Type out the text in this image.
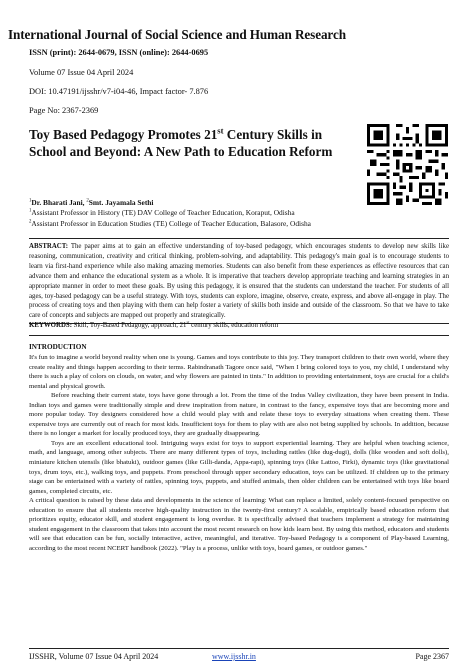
International Journal of Social Science and Human Research
ISSN (print): 2644-0679, ISSN (online): 2644-0695
Volume 07 Issue 04 April 2024
DOI: 10.47191/ijsshr/v7-i04-46, Impact factor- 7.876
Page No: 2367-2369
Toy Based Pedagogy Promotes 21st Century Skills in School and Beyond: A New Path to Education Reform
$^1$Dr. Bharati Jani, $^2$Smt. Jayamala Sethi
$^1$Assistant Professor in History (TE) DAV College of Teacher Education, Koraput, Odisha
$^2$Assistant Professor in Education Studies (TE) College of Teacher Education, Balasore, Odisha
ABSTRACT: The paper aims at to gain an effective understanding of toy-based pedagogy, which encourages students to develop new skills like reasoning, communication, creativity and critical thinking, problem-solving, and adaptability. This pedagogy's main goal is to encourage students to learn via first-hand experience while also making amazing memories. Students can also benefit from these experiences as effective resources that can advance them and enhance the educational system as a whole. It is imperative that teachers develop appropriate teaching and learning strategies in an appropriate manner in order to meet these goals. By using this pedagogy, it is ensured that the students can understand the teacher. For students of all ages, toy-based pedagogy can be a useful strategy. With toys, students can explore, imagine, observe, create, express, and above all-engage in play. The process of creating toys and then playing with them can help foster a variety of skills both inside and outside of the classroom. So that we have to take care of concepts and subjects are mapped out properly and strategically.
KEYWORDS: Skill, Toy-Based Pedagogy, approach, 21st century skills, education reform
INTRODUCTION

It's fun to imagine a world beyond reality when one is young. Games and toys contribute to this joy. They transport children to their own world, where they create reality and things happen according to their terms. Rabindranath Tagore once said, "When I bring colored toys to you, my child, I understand why there is such a play of colors on clouds, on water, and why flowers are painted in tints." In addition to providing entertainment, toys are crucial for a child's mental and physical growth.

Before reaching their current state, toys have gone through a lot. From the time of the Indus Valley civilization, they have been present in India. Indian toys and games were traditionally simple and drew inspiration from nature, in contrast to the fancy, expensive toys that are becoming more and more popular today. Toy designers considered how a child would play with and relate these toys to everyday situations when creating them. These expensive toys are currently out of reach for most kids. Insufficient toys for them to play with are also not being supplied by schools. In addition, because there is no longer a market for locally produced toys, they are gradually disappearing.

Toys are an excellent educational tool. Intriguing ways exist for toys to support experiential learning. They are helpful when teaching science, math, and language, among other subjects. There are many different types of toys, including rattles (like dug-dugi), dolls (like wooden and soft dolls), miniature kitchen utensils (like bhatuki), outdoor games (like Gilli-danda, Appa-rapi), spinning toys (like Lattoo, Firki), dynamic toys (like gravitational toys, drum toys, etc.), walking toys, and puppets. From preschool through upper secondary education, toys can be utilized. If children up to the primary stage can be entertained with a variety of rattles, spinning toys, puppets, and stuffed animals, then older children can be entertained with toys like board games, completed circuits, etc.

A critical question is raised by these data and developments in the science of learning: What can replace a limited, solely content-focused perspective on education to ensure that all students receive high-quality instruction in the twenty-first century? A scalable, empirically based education reform that prioritizes equity, educator skill, and student engagement is long overdue. It is specifically advised that teachers implement a strategy for maintaining student engagement in the classroom that takes into account the most recent research on how kids learn best. By using this method, educators and students will see that education can be fun, socially interactive, active, meaningful, and iterative. Toy-based Pedagogy is a component of Play-based Learning, according to the most recent NCERT handbook (2022). "Play is a process, unlike with toys, board games, or outdoor games."

IJSSHR, Volume 07 Issue 04 April 2024	www.ijsshr.in	Page 2367
